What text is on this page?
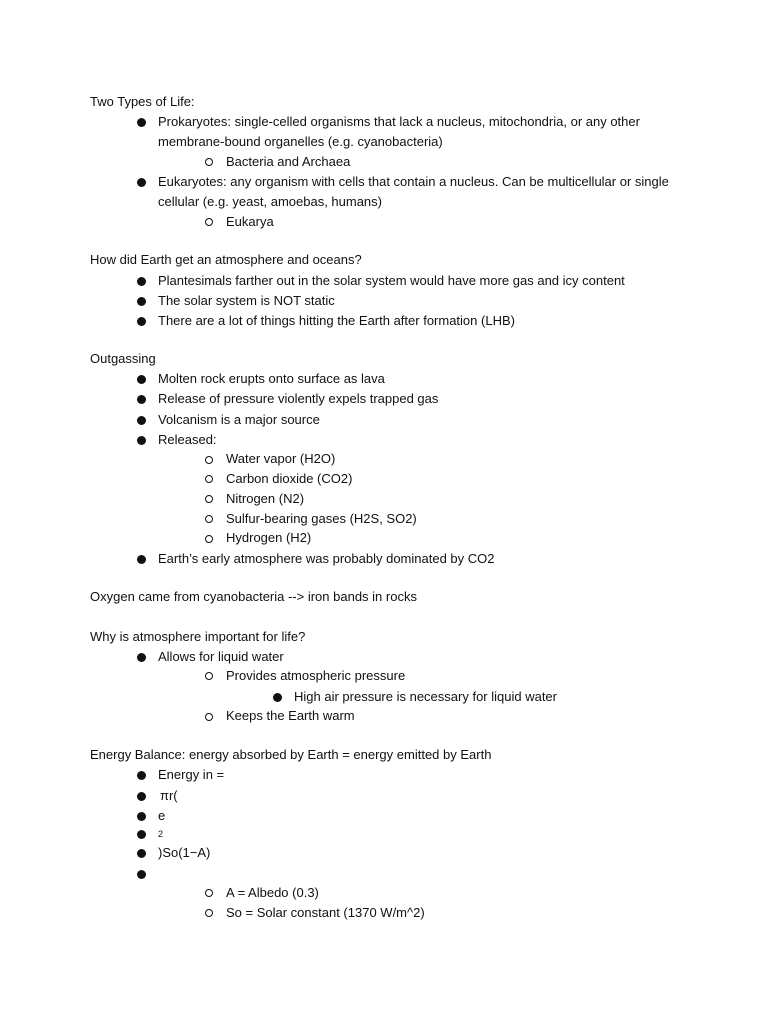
Two Types of Life:
Prokaryotes: single-celled organisms that lack a nucleus, mitochondria, or any other
membrane-bound organelles (e.g. cyanobacteria)
Bacteria and Archaea
Eukaryotes: any organism with cells that contain a nucleus. Can be multicellular or single
cellular (e.g. yeast, amoebas, humans)
Eukarya
How did Earth get an atmosphere and oceans?
Plantesimals farther out in the solar system would have more gas and icy content
The solar system is NOT static
There are a lot of things hitting the Earth after formation (LHB)
Outgassing
Molten rock erupts onto surface as lava
Release of pressure violently expels trapped gas
Volcanism is a major source
Released:
Water vapor (H2O)
Carbon dioxide (CO2)
Nitrogen (N2)
Sulfur-bearing gases (H2S, SO2)
Hydrogen (H2)
Earth’s early atmosphere was probably dominated by CO2
Oxygen came from cyanobacteria --> iron bands in rocks
Why is atmosphere important for life?
Allows for liquid water
Provides atmospheric pressure
High air pressure is necessary for liquid water
Keeps the Earth warm
Energy Balance: energy absorbed by Earth = energy emitted by Earth
Energy in =
πr(
e
2
)So(1−A)
A = Albedo (0.3)
So = Solar constant (1370 W/m^2)
